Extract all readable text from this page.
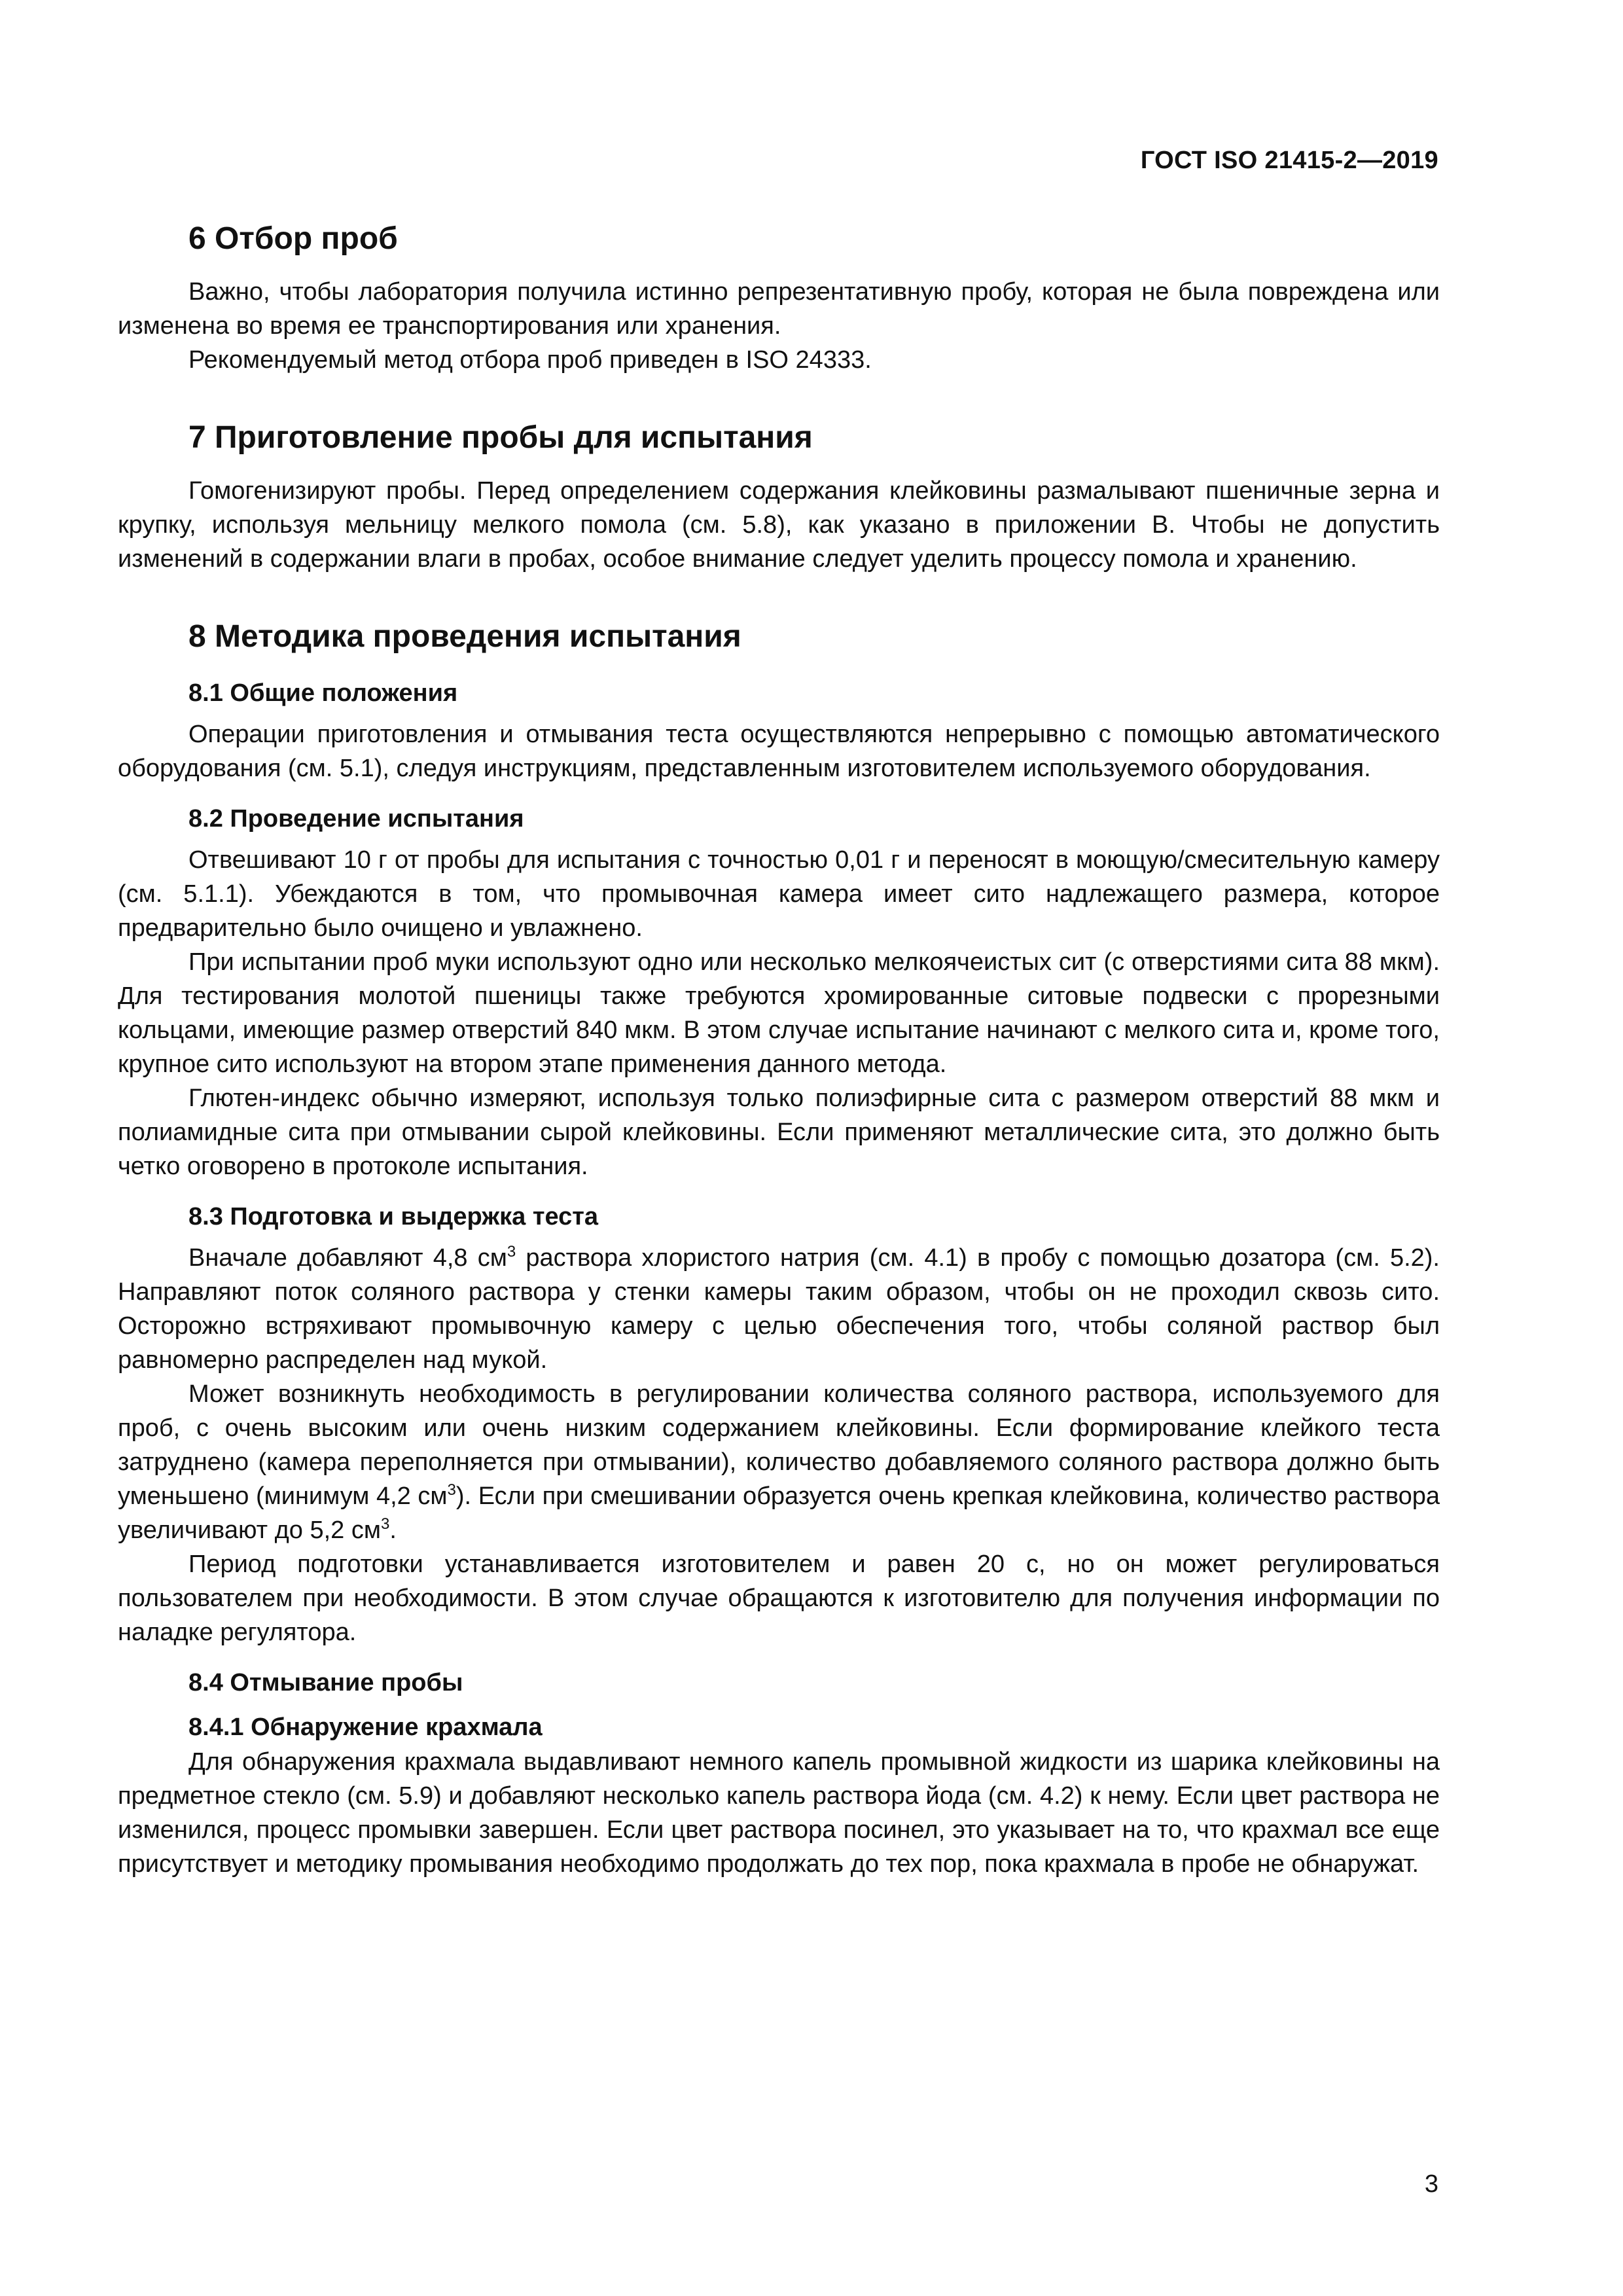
ГОСТ ISO 21415-2—2019
6 Отбор проб

Важно, чтобы лаборатория получила истинно репрезентативную пробу, которая не была повреждена или изменена во время ее транспортирования или хранения.

Рекомендуемый метод отбора проб приведен в ISO 24333.

7 Приготовление пробы для испытания

Гомогенизируют пробы. Перед определением содержания клейковины размалывают пшеничные зерна и крупку, используя мельницу мелкого помола (см. 5.8), как указано в приложении В. Чтобы не допустить изменений в содержании влаги в пробах, особое внимание следует уделить процессу помола и хранению.

8 Методика проведения испытания
8.1 Общие положения

Операции приготовления и отмывания теста осуществляются непрерывно с помощью автоматического оборудования (см. 5.1), следуя инструкциям, представленным изготовителем используемого оборудования.

8.2 Проведение испытания

Отвешивают 10 г от пробы для испытания с точностью 0,01 г и переносят в моющую/смесительную камеру (см. 5.1.1). Убеждаются в том, что промывочная камера имеет сито надлежащего размера, которое предварительно было очищено и увлажнено.

При испытании проб муки используют одно или несколько мелкоячеистых сит (с отверстиями сита 88 мкм). Для тестирования молотой пшеницы также требуются хромированные ситовые подвески с прорезными кольцами, имеющие размер отверстий 840 мкм. В этом случае испытание начинают с мелкого сита и, кроме того, крупное сито используют на втором этапе применения данного метода.

Глютен-индекс обычно измеряют, используя только полиэфирные сита с размером отверстий 88 мкм и полиамидные сита при отмывании сырой клейковины. Если применяют металлические сита, это должно быть четко оговорено в протоколе испытания.

8.3 Подготовка и выдержка теста

Вначале добавляют 4,8 $см^3$ раствора хлористого натрия (см. 4.1) в пробу с помощью дозатора (см. 5.2). Направляют поток соляного раствора у стенки камеры таким образом, чтобы он не проходил сквозь сито. Осторожно встряхивают промывочную камеру с целью обеспечения того, чтобы соляной раствор был равномерно распределен над мукой.

Может возникнуть необходимость в регулировании количества соляного раствора, используемого для проб, с очень высоким или очень низким содержанием клейковины. Если формирование клейкого теста затруднено (камера переполняется при отмывании), количество добавляемого соляного раствора должно быть уменьшено (минимум 4,2 $см^3$). Если при смешивании образуется очень крепкая клейковина, количество раствора увеличивают до 5,2 $см^3$.

Период подготовки устанавливается изготовителем и равен 20 с, но он может регулироваться пользователем при необходимости. В этом случае обращаются к изготовителю для получения информации по наладке регулятора.

8.4 Отмывание пробы
8.4.1 Обнаружение крахмала

Для обнаружения крахмала выдавливают немного капель промывной жидкости из шарика клейковины на предметное стекло (см. 5.9) и добавляют несколько капель раствора йода (см. 4.2) к нему. Если цвет раствора не изменился, процесс промывки завершен. Если цвет раствора посинел, это указывает на то, что крахмал все еще присутствует и методику промывания необходимо продолжать до тех пор, пока крахмала в пробе не обнаружат.

3
